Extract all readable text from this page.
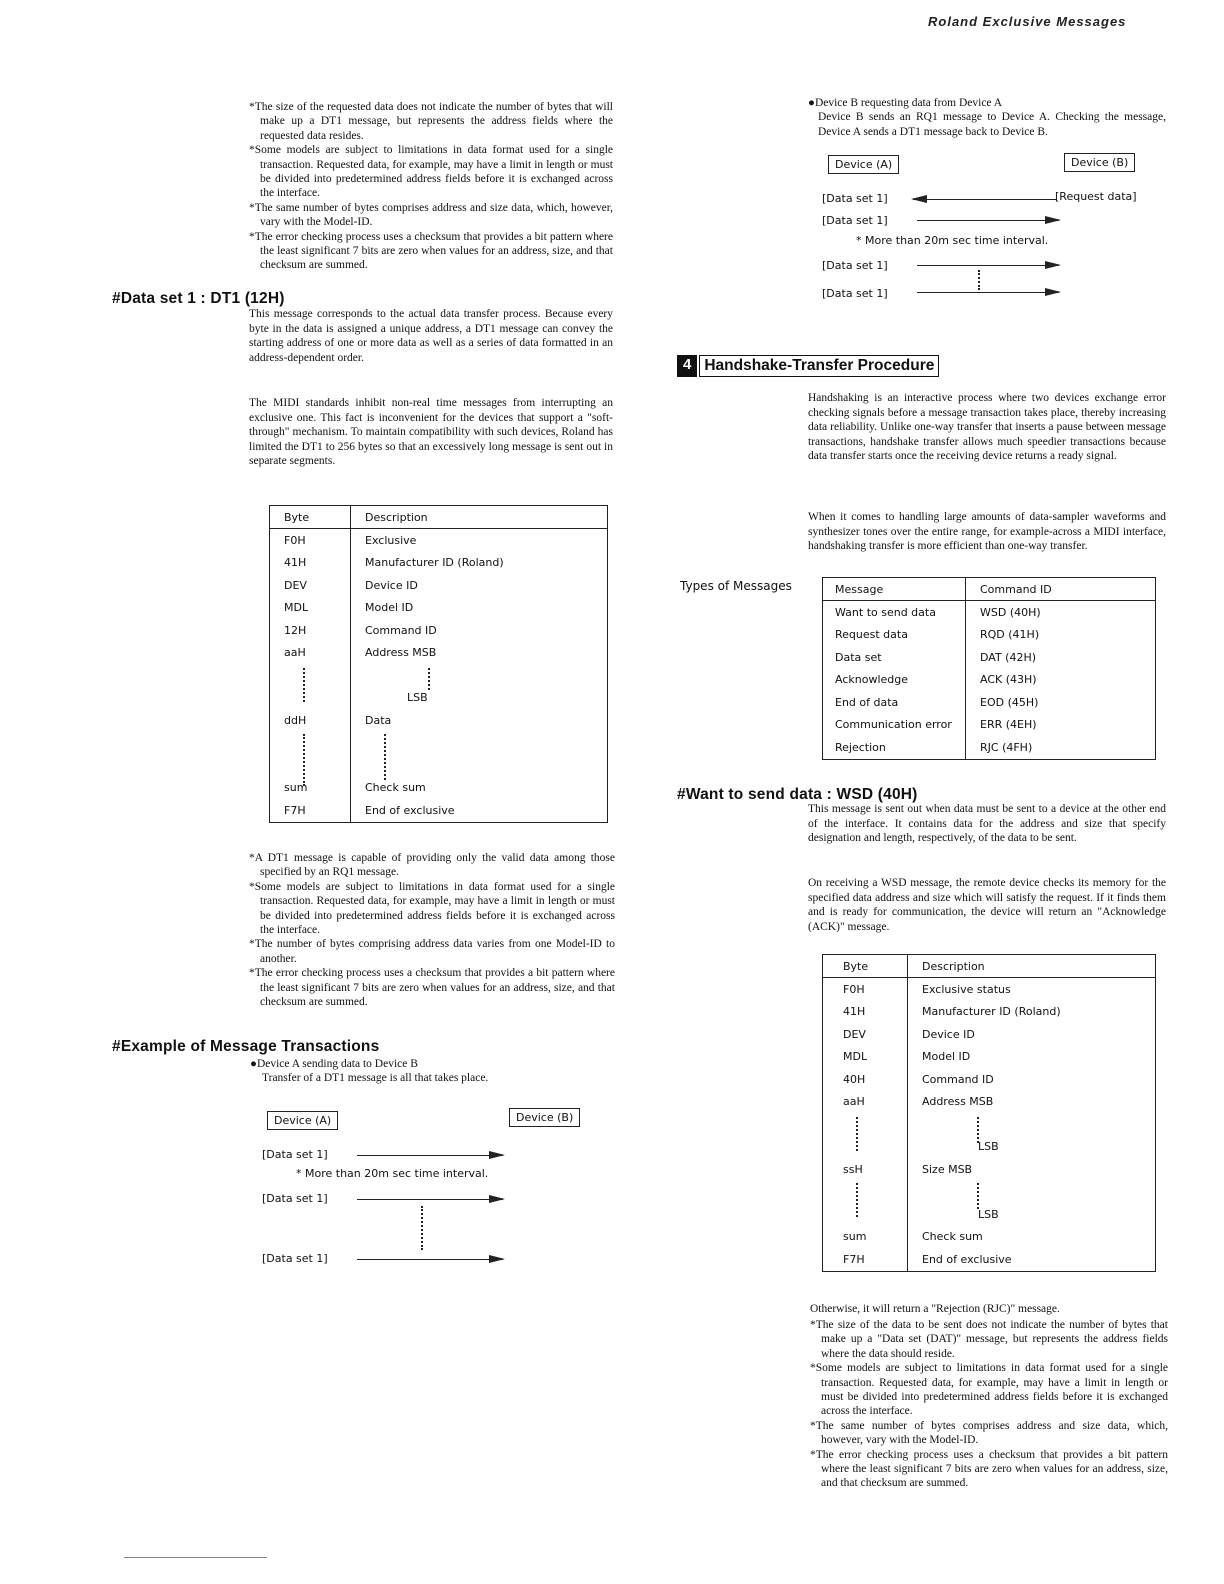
Roland Exclusive Messages

*The size of the requested data does not indicate the number of bytes that will make up a DT1 message, but represents the address fields where the requested data resides.

*Some models are subject to limitations in data format used for a single transaction. Requested data, for example, may have a limit in length or must be divided into predetermined address fields before it is exchanged across the interface.

*The same number of bytes comprises address and size data, which, however, vary with the Model-ID.

*The error checking process uses a checksum that provides a bit pattern where the least significant 7 bits are zero when values for an address, size, and that checksum are summed.

#Data set 1 : DT1 (12H)
This message corresponds to the actual data transfer process. Because every byte in the data is assigned a unique address, a DT1 message can convey the starting address of one or more data as well as a series of data formatted in an address-dependent order.
The MIDI standards inhibit non-real time messages from interrupting an exclusive one. This fact is inconvenient for the devices that support a "soft-through" mechanism. To maintain compatibility with such devices, Roland has limited the DT1 to 256 bytes so that an excessively long message is sent out in separate segments.
Byte	Description
F0H	Exclusive
41H	Manufacturer ID (Roland)
DEV	Device ID
MDL	Model ID
12H	Command ID
aaH	Address MSB

	LSB
ddH	Data

sum	Check sum
F7H	End of exclusive

*A DT1 message is capable of providing only the valid data among those specified by an RQ1 message.

*Some models are subject to limitations in data format used for a single transaction. Requested data, for example, may have a limit in length or must be divided into predetermined address fields before it is exchanged across the interface.

*The number of bytes comprising address data varies from one Model-ID to another.

*The error checking process uses a checksum that provides a bit pattern where the least significant 7 bits are zero when values for an address, size, and that checksum are summed.

#Example of Message Transactions
●Device A sending data to Device B
Transfer of a DT1 message is all that takes place.
Device (A)	Device (B)
[Data set 1]
* More than 20m sec time interval.
[Data set 1]
[Data set 1]
●Device B requesting data from Device A
Device B sends an RQ1 message to Device A. Checking the message, Device A sends a DT1 message back to Device B.
Device (A)	Device (B)
[Data set 1]	[Request data]
[Data set 1]
* More than 20m sec time interval.
[Data set 1]
[Data set 1]
4 Handshake-Transfer Procedure
Handshaking is an interactive process where two devices exchange error checking signals before a message transaction takes place, thereby increasing data reliability. Unlike one-way transfer that inserts a pause between message transactions, handshake transfer allows much speedier transactions because data transfer starts once the receiving device returns a ready signal.
When it comes to handling large amounts of data-sampler waveforms and synthesizer tones over the entire range, for example-across a MIDI interface, handshaking transfer is more efficient than one-way transfer.
Types of Messages	Message	Command ID
Want to send data	WSD (40H)
Request data	RQD (41H)
Data set	DAT (42H)
Acknowledge	ACK (43H)
End of data	EOD (45H)
Communication error	ERR (4EH)
Rejection	RJC (4FH)
#Want to send data : WSD (40H)
This message is sent out when data must be sent to a device at the other end of the interface. It contains data for the address and size that specify designation and length, respectively, of the data to be sent.
On receiving a WSD message, the remote device checks its memory for the specified data address and size which will satisfy the request. If it finds them and is ready for communication, the device will return an "Acknowledge (ACK)" message.
Byte	Description
F0H	Exclusive status
41H	Manufacturer ID (Roland)
DEV	Device ID
MDL	Model ID
40H	Command ID
aaH	Address MSB

	LSB
ssH	Size MSB

	LSB
sum	Check sum
F7H	End of exclusive
Otherwise, it will return a "Rejection (RJC)" message.

*The size of the data to be sent does not indicate the number of bytes that make up a "Data set (DAT)" message, but represents the address fields where the data should reside.

*Some models are subject to limitations in data format used for a single transaction. Requested data, for example, may have a limit in length or must be divided into predetermined address fields before it is exchanged across the interface.

*The same number of bytes comprises address and size data, which, however, vary with the Model-ID.

*The error checking process uses a checksum that provides a bit pattern where the least significant 7 bits are zero when values for an address, size, and that checksum are summed.
